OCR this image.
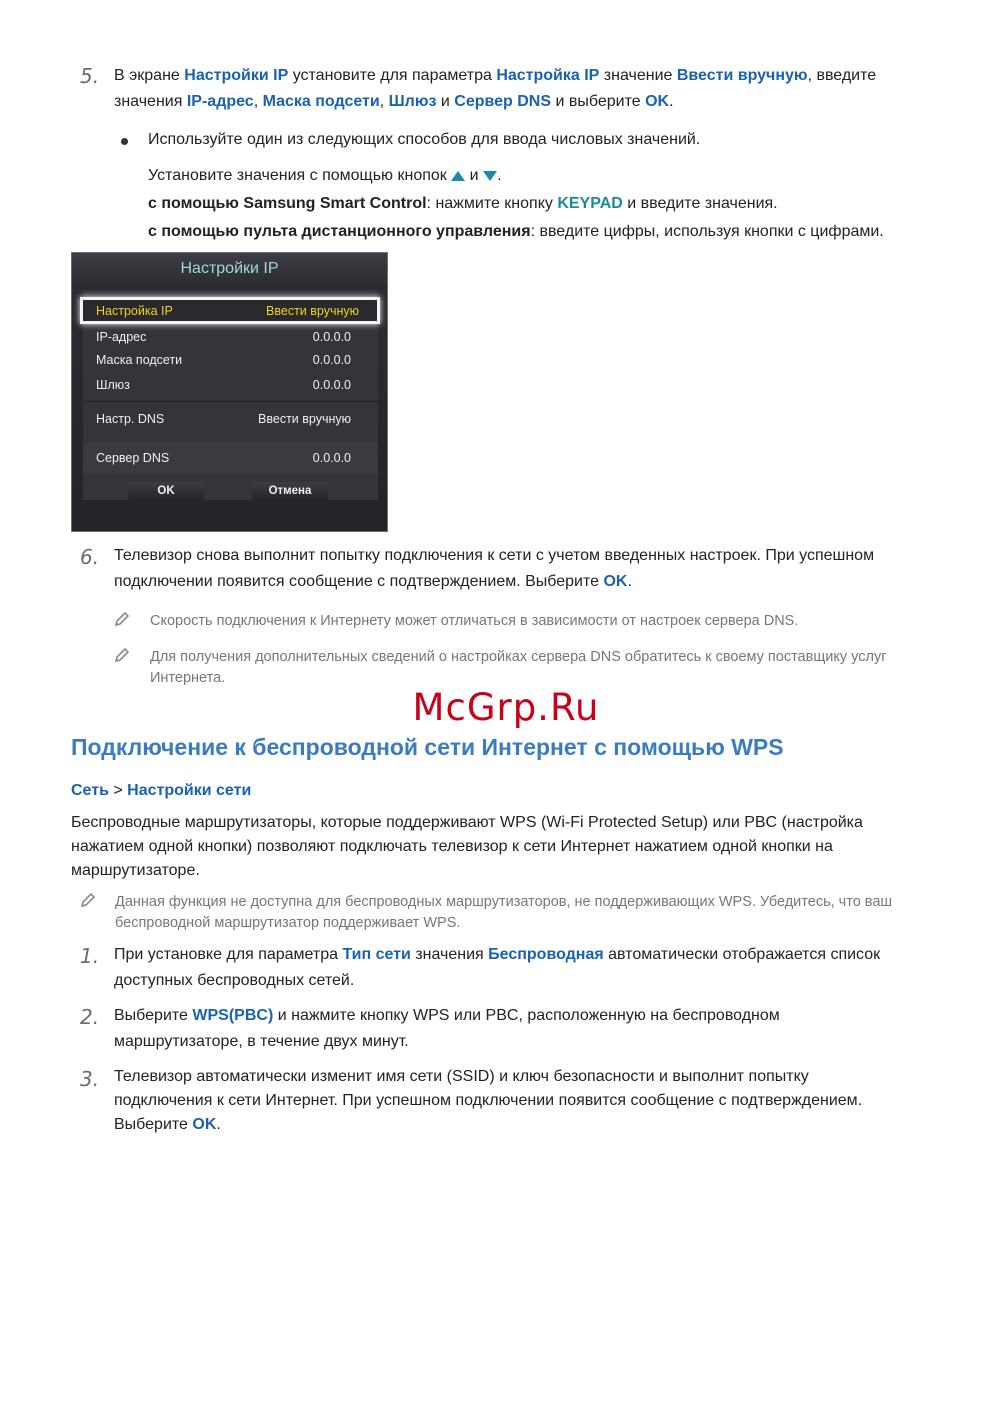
5. В экране Настройки IP установите для параметра Настройка IP значение Ввести вручную, введите
значения IP-адрес, Маска подсети, Шлюз и Сервер DNS и выберите OK.
Используйте один из следующих способов для ввода числовых значений.
Установите значения с помощью кнопок  и .
с помощью Samsung Smart Control: нажмите кнопку KEYPAD и введите значения.
с помощью пульта дистанционного управления: введите цифры, используя кнопки с цифрами.
Настройки IP
Настройка IP	Ввести вручную
IP-адрес	0.0.0.0
Маска подсети	0.0.0.0
Шлюз	0.0.0.0
Настр. DNS	Ввести вручную
Сервер DNS	0.0.0.0
OK	Отмена
6. Телевизор снова выполнит попытку подключения к сети с учетом введенных настроек. При успешном
подключении появится сообщение с подтверждением. Выберите OK.
Скорость подключения к Интернету может отличаться в зависимости от настроек сервера DNS.
Для получения дополнительных сведений о настройках сервера DNS обратитесь к своему поставщику услуг
Интернета.
McGrp.Ru
Подключение к беспроводной сети Интернет с помощью WPS
Сеть > Настройки сети
Беспроводные маршрутизаторы, которые поддерживают WPS (Wi-Fi Protected Setup) или PBC (настройка
нажатием одной кнопки) позволяют подключать телевизор к сети Интернет нажатием одной кнопки на
маршрутизаторе.
Данная функция не доступна для беспроводных маршрутизаторов, не поддерживающих WPS. Убедитесь, что ваш
беспроводной маршрутизатор поддерживает WPS.
1. При установке для параметра Тип сети значения Беспроводная автоматически отображается список
доступных беспроводных сетей.
2. Выберите WPS(PBC) и нажмите кнопку WPS или PBC, расположенную на беспроводном
маршрутизаторе, в течение двух минут.
3. Телевизор автоматически изменит имя сети (SSID) и ключ безопасности и выполнит попытку
подключения к сети Интернет. При успешном подключении появится сообщение с подтверждением.
Выберите OK.
